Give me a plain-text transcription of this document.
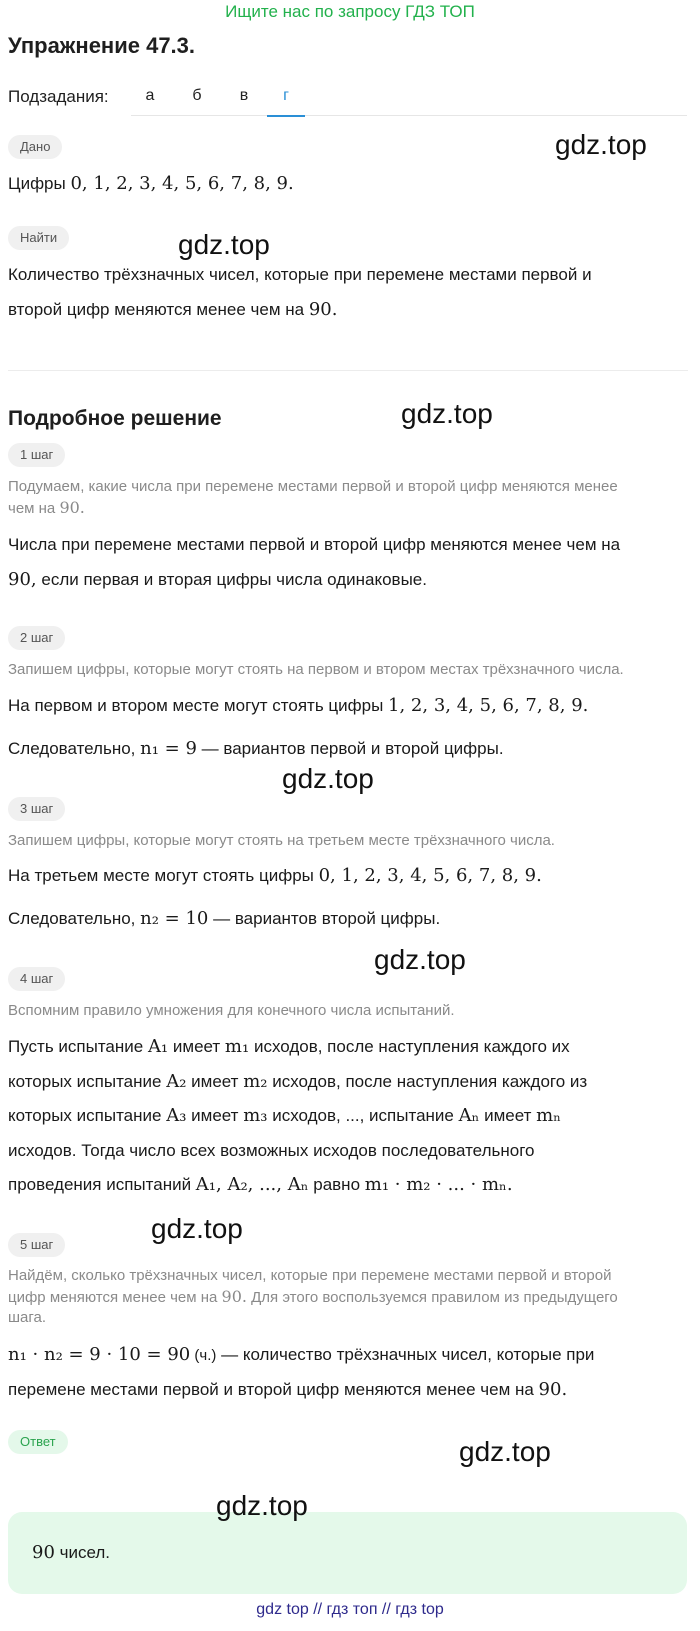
Ищите нас по запросу ГДЗ ТОП
Упражнение 47.3.
Подзадания:	а	б	в	г
Дано
Цифры 0, 1, 2, 3, 4, 5, 6, 7, 8, 9.
Найти
Количество трёхзначных чисел, которые при перемене местами первой и
второй цифр меняются менее чем на 90.
Подробное решение
1 шаг
Подумаем, какие числа при перемене местами первой и второй цифр меняются менее
чем на 90.
Числа при перемене местами первой и второй цифр меняются менее чем на
90, если первая и вторая цифры числа одинаковые.
2 шаг
Запишем цифры, которые могут стоять на первом и втором местах трёхзначного числа.
На первом и втором месте могут стоять цифры 1, 2, 3, 4, 5, 6, 7, 8, 9.
Следовательно, n₁ = 9 — вариантов первой и второй цифры.
3 шаг
Запишем цифры, которые могут стоять на третьем месте трёхзначного числа.
На третьем месте могут стоять цифры 0, 1, 2, 3, 4, 5, 6, 7, 8, 9.
Следовательно, n₂ = 10 — вариантов второй цифры.
4 шаг
Вспомним правило умножения для конечного числа испытаний.
Пусть испытание A₁ имеет m₁ исходов, после наступления каждого их
которых испытание A₂ имеет m₂ исходов, после наступления каждого из
которых испытание A₃ имеет m₃ исходов, ..., испытание Aₙ имеет mₙ
исходов. Тогда число всех возможных исходов последовательного
проведения испытаний A₁, A₂, ..., Aₙ равно m₁ · m₂ · ... · mₙ.
5 шаг
Найдём, сколько трёхзначных чисел, которые при перемене местами первой и второй
цифр меняются менее чем на 90. Для этого воспользуемся правилом из предыдущего
шага.
n₁ · n₂ = 9 · 10 = 90 (ч.) — количество трёхзначных чисел, которые при
перемене местами первой и второй цифр меняются менее чем на 90.
Ответ
90 чисел.
gdz.top
gdz.top
gdz.top
gdz.top
gdz.top
gdz.top
gdz.top
gdz.top
gdz top // гдз топ // гдз top
